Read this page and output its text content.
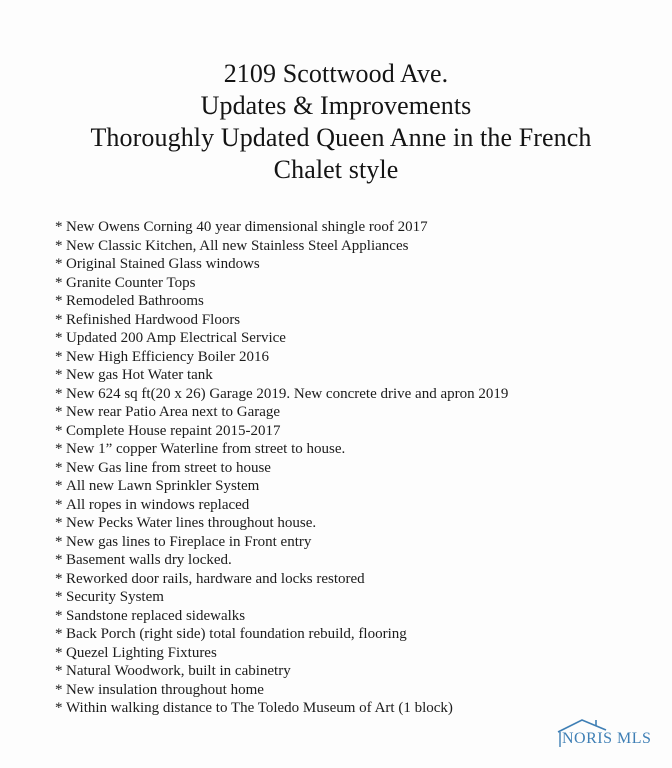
2109 Scottwood Ave.
Updates & Improvements
Thoroughly Updated Queen Anne in the French
Chalet style
* New Owens Corning 40 year dimensional shingle roof 2017
* New Classic Kitchen, All new Stainless Steel Appliances
* Original Stained Glass windows
* Granite Counter Tops
* Remodeled Bathrooms
* Refinished Hardwood Floors
* Updated 200 Amp Electrical Service
* New High Efficiency Boiler 2016
* New gas Hot Water tank
* New 624 sq ft(20 x 26) Garage 2019. New concrete drive and apron 2019
* New rear Patio Area next to Garage
* Complete House repaint 2015-2017
* New 1” copper Waterline from street to house.
* New Gas line from street to house
* All new Lawn Sprinkler System
* All ropes in windows replaced
* New Pecks Water lines throughout house.
* New gas lines to Fireplace in Front entry
* Basement walls dry locked.
* Reworked door rails, hardware and locks restored
* Security System
* Sandstone replaced sidewalks
* Back Porch (right side) total foundation rebuild, flooring
* Quezel Lighting Fixtures
* Natural Woodwork, built in cabinetry
* New insulation throughout home
* Within walking distance to The Toledo Museum of Art (1 block)
NORIS MLS
